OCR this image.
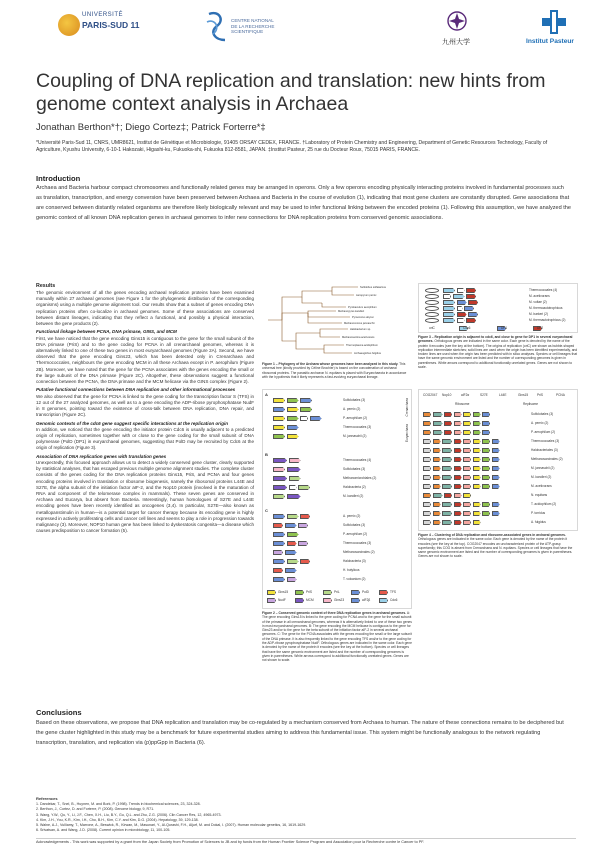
UNIVERSITÉ
PARIS-SUD 11	CENTRE NATIONAL
DE LA RECHERCHE
SCIENTIFIQUE
九州大学	Institut Pasteur
Coupling of DNA replication and translation: new hints from genome context analysis in Archaea
Jonathan Berthon*†; Diego Cortez‡; Patrick Forterre*‡
*Université Paris-Sud 11, CNRS, UMR8621, Institut de Génétique et Microbiologie, 91405 ORSAY CEDEX, FRANCE. †Laboratory of Protein Chemistry and Engineering, Department of Genetic Resources Technology, Faculty of Agriculture, Kyushu University, 6-10-1 Hakozaki, Higashi-ku, Fukuoka-shi, Fukuoka 812-8581, JAPAN. ‡Institut Pasteur, 25 rue du Docteur Roux, 75015 PARIS, FRANCE.
Introduction
Archaea and Bacteria harbour compact chromosomes and functionally related genes may be arranged in operons. Only a few operons encoding physically interacting proteins involved in fundamental processes such as translation, transcription, and energy conversion have been preserved between Archaea and Bacteria in the course of evolution (1), indicating that most gene clusters are constantly disrupted. Gene associations that are conserved between distantly related organisms are therefore likely biologically relevant and may be used to infer functional linking between the encoded proteins (1). Following this assumption, we have analyzed the genomic context of all known DNA replication genes in archaeal genomes to infer new connections for DNA replication proteins from conserved genomic associations.
Results

The genomic environment of all the genes encoding archaeal replication proteins have been examined manually within 27 archaeal genomes (see Figure 1 for the phylogenetic distribution of the corresponding organisms) using a multiple genome alignment tool. Our results show that a subset of genes encoding DNA replication proteins often co-localize in archaeal genomes. Some of these associations are conserved between distant lineages, indicating that they reflect a functional, and possibly a physical interaction, between the gene products (2).

Functional linkage between PCNA, DNA primase, GINS, and MCM

First, we have noticed that the gene encoding Gins15 is contiguous to the gene for the small subunit of the DNA primase (PriS) and to the gene coding for PCNA in all crenarchaeal genomes, whereas it is alternatively linked to one of these two genes in most euryarchaeal genomes (Figure 2A). Second, we have observed that the gene encoding Gins23, which has been detected only in Crenarchaea and Thermococcales, neighbours the gene encoding MCM in all these Archaea except in P. aerophilum (Figure 2B). Moreover, we have noted that the gene for the PCNA associates with the genes encoding the small or the large subunit of the DNA primase (Figure 2C). Altogether, these observations suggest a functional connection between the PCNA, the DNA primase and the MCM helicase via the GINS complex (Figure 2).

Putative functional connections between DNA replication and other informational processes

We also observed that the gene for PCNA is linked to the gene coding for the transcription factor S (TFS) in 12 out of the 27 analyzed genomes, as well as to a gene encoding the ADP-ribose pyrophosphatase NudF in 8 genomes, pointing toward the existence of cross-talk between DNA replication, DNA repair, and transcription (Figure 2C).

Genomic contexts of the cdc6 gene suggest specific interactions at the replication origin

In addition, we noticed that the gene encoding the initiator protein Cdc6 is usually adjacent to a predicted origin of replication, sometimes together with or close to the gene coding for the small subunit of DNA polymerase (PolD (DP1) in euryarchaeal genomes, suggesting that PolD may be recruited by Cdc6 at the origin of replication (Figure 3).

Association of DNA replication genes with translation genes

Unexpectedly, this focused approach allows us to detect a widely conserved gene cluster, clearly supported by statistical analyses, that has escaped previous multiple genome alignment studies. The complete cluster consists of the genes coding for the DNA replication proteins Gins15, PriS, and PCNA and four genes encoding proteins involved in translation or ribosome biogenesis, namely the ribosomal proteins L44E and S27E, the alpha subunit of the initiation factor aIF-2, and the Nop10 protein (involved in the maturation of RNA and component of the telomerase complex in mammals). These seven genes are conserved in Archaea and Eucarya, but absent from Bacteria. Interestingly, human homologues of S27E and L44E encoding genes have been recently identified as oncogenes (3,4). In particular, S27E—also known as metallopanstimulin in human—is a potential target for cancer therapy because its encoding gene is highly expressed in actively proliferating cells and cancer cell lines and seems to play a role in progression towards malignancy (3). Moreover, NOP10 human gene has been linked to dyskeratosis congenita—a disease which causes predisposition to cancer formation (5).

Sulfolobus solfataricus
Aeropyrum pernix
Pyrobaculum aerophilum
Methanopyrus kandleri
Pyrococcus abyssi
Methanococcus jannaschii
Halobacterium sp.
Methanosarcina acetivorans
Thermoplasma acidophilum
Archaeoglobus fulgidus
Figure 1 – Phylogeny of the Archaea whose genomes have been analyzed in this study. This universal tree (kindly provided by Céline Brochier) is based on the concatenation of archaeal ribosomal proteins. The parasitic archaeon N. equitans is placed with Euryarchaeota in accordance with the hypothesis that it likely represents a fast-evolving euryarchaeal lineage.
Thermococcales (4)
M. acetivorans
M. voltae (2)
M. thermoautotrophicus
M. barkeri (2)
M. thermautotrophicus (2)
oriC	Cdc6	DP1	DP2
Figure 3 – Replication origin is adjacent to cdc6, and close to gene for DP1 in several euryarchaeal genomes. Orthologous genes are indicated in the same color. Each gene is denoted by the name of the protein it encodes (see the key at the bottom). The origins of replication (oriC) are shown as bubble-shaped replication intermediate sketches; solid lines are used when the origin has been identified experimentally, and broken lines are used when the origin has been predicted with in silico analyses. Species or cell lineages that have the same genomic environment are listed and the number of corresponding genomes is given in parentheses. White arrows correspond to additional functionally unrelated genes. Genes are not shown to scale.
Sulfolobales (3)
A. pernix (2)
P. aerophilum (2)
Thermococcales (3)
M. jannaschii (2)
Thermococcales (4)
Sulfolobales (3)
Methanomicrobiales (2)
Halobacteria (2)
M. kandleri (2)
A. pernix (2)
Sulfolobales (3)
P. aerophilum (2)
Thermococcales (3)
Methanosarcinales (2)
Halobacteria (3)
H. butylicus
T. volcanium (2)
A
B
C
Crenarchaea
Euryarchaea
Gins15	PriS	PriL	PolD	TFS
NudF	MCM	Gins23	aIF2β	Cdc6
Figure 2 – Conserved genomic context of three DNA replication genes in archaeal genomes. A: The gene encoding Gins15 is linked to the gene coding for PCNA and to the gene for the small subunit of the primase in all crenarchaeal genomes, whereas it is alternatively linked to one of these two genes in most euryarchaeal genomes. B: The gene encoding the MCM helicase is contiguous to the gene for Gins23 and/or to the gene for the beta subunit of the initiation factor aIF-2 in several archaeal genomes. C: The gene for the PCNA associates with the genes encoding the small or the large subunit of the DNA primase. It is also frequently linked to the gene encoding TFS and/or to the gene coding for the ADP-ribose pyrophosphatase NudF. Orthologous genes are indicated in the same color. Each gene is denoted by the name of the protein it encodes (see the key at the bottom). Species or cell lineages that have the same genomic environment are listed and the number of corresponding genomes is given in parentheses. White arrows correspond to additional functionally unrelated genes. Genes are not shown to scale.
COG2047 Nop10	aIF2α	S27E	L44E	Gins15	PriS	PCNA
Ribosome	Replisome
Sulfolobales (3)
A. pernix (2)
P. aerophilum (2)
Thermococcales (3)
Halobacteriales (3)
Methanosarcinales (2)
M. jannaschii (2)
M. kandleri (2)
M. acetivorans
N. equitans
T. acidophilum (2)
P. torridus
A. fulgidus
Figure 4 – Clustering of DNA replication and ribosome-associated genes in archaeal genomes. Orthologous genes are indicated in the same color. Each gene is denoted by the name of the protein it encodes (see the key at the top). COG2047 encodes an uncharacterized protein of the ATP-grasp superfamily; this COG is absent from Crenarchaea and N. equitans. Species or cell lineages that have the same genomic environment are listed and the number of corresponding genomes is given in parentheses. Genes are not shown to scale.
Conclusions
Based on these observations, we propose that DNA replication and translation may be co-regulated by a mechanism conserved from Archaea to human. The nature of these connections remains to be deciphered but the gene cluster highlighted in this study may be a benchmark for future experimental studies aiming to address this fundamental issue. This system might be functionally analogous to the network regulating transcription, translation, and replication via (p)ppGpp in Bacteria (6).
References
1. Dandekar, T., Snel, B., Huynen, M. and Bork, P. (1998). Trends in biochemical sciences, 23, 324-328.
2. Berthon, J., Cortez, D. and Forterre, P. (2008). Genome biology, 9, R71.
3. Wang, Y.W., Qu, Y., Li, J.F., Chen, X.H., Liu, B.Y., Gu, Q.L. and Zhu, Z.G. (2006). Clin Cancer Res, 12, 4965-4973.
4. Kim, J.H., You, K.R., Kim, I.H., Cho, B.H., Kim, C.Y. and Kim, D.G. (2004). Hepatology, 39, 129-138.
5. Walne, A.J., Vulliamy, T., Marrone, A., Beswick, R., Kirwan, M., Masunari, Y., Al-Qurashi, F.H., Aljurf, M. and Dokal, I. (2007). Human molecular genetics, 16, 1619-1629.
6. Srivatsan, A. and Wang, J.D. (2008). Current opinion in microbiology, 11, 100-105.
Acknowledgements - This work was supported by a grant from the Japan Society from Promotion of Sciences to JB and by funds from the Human Frontier Science Program and Association pour la Recherche contre le Cancer to PF.
